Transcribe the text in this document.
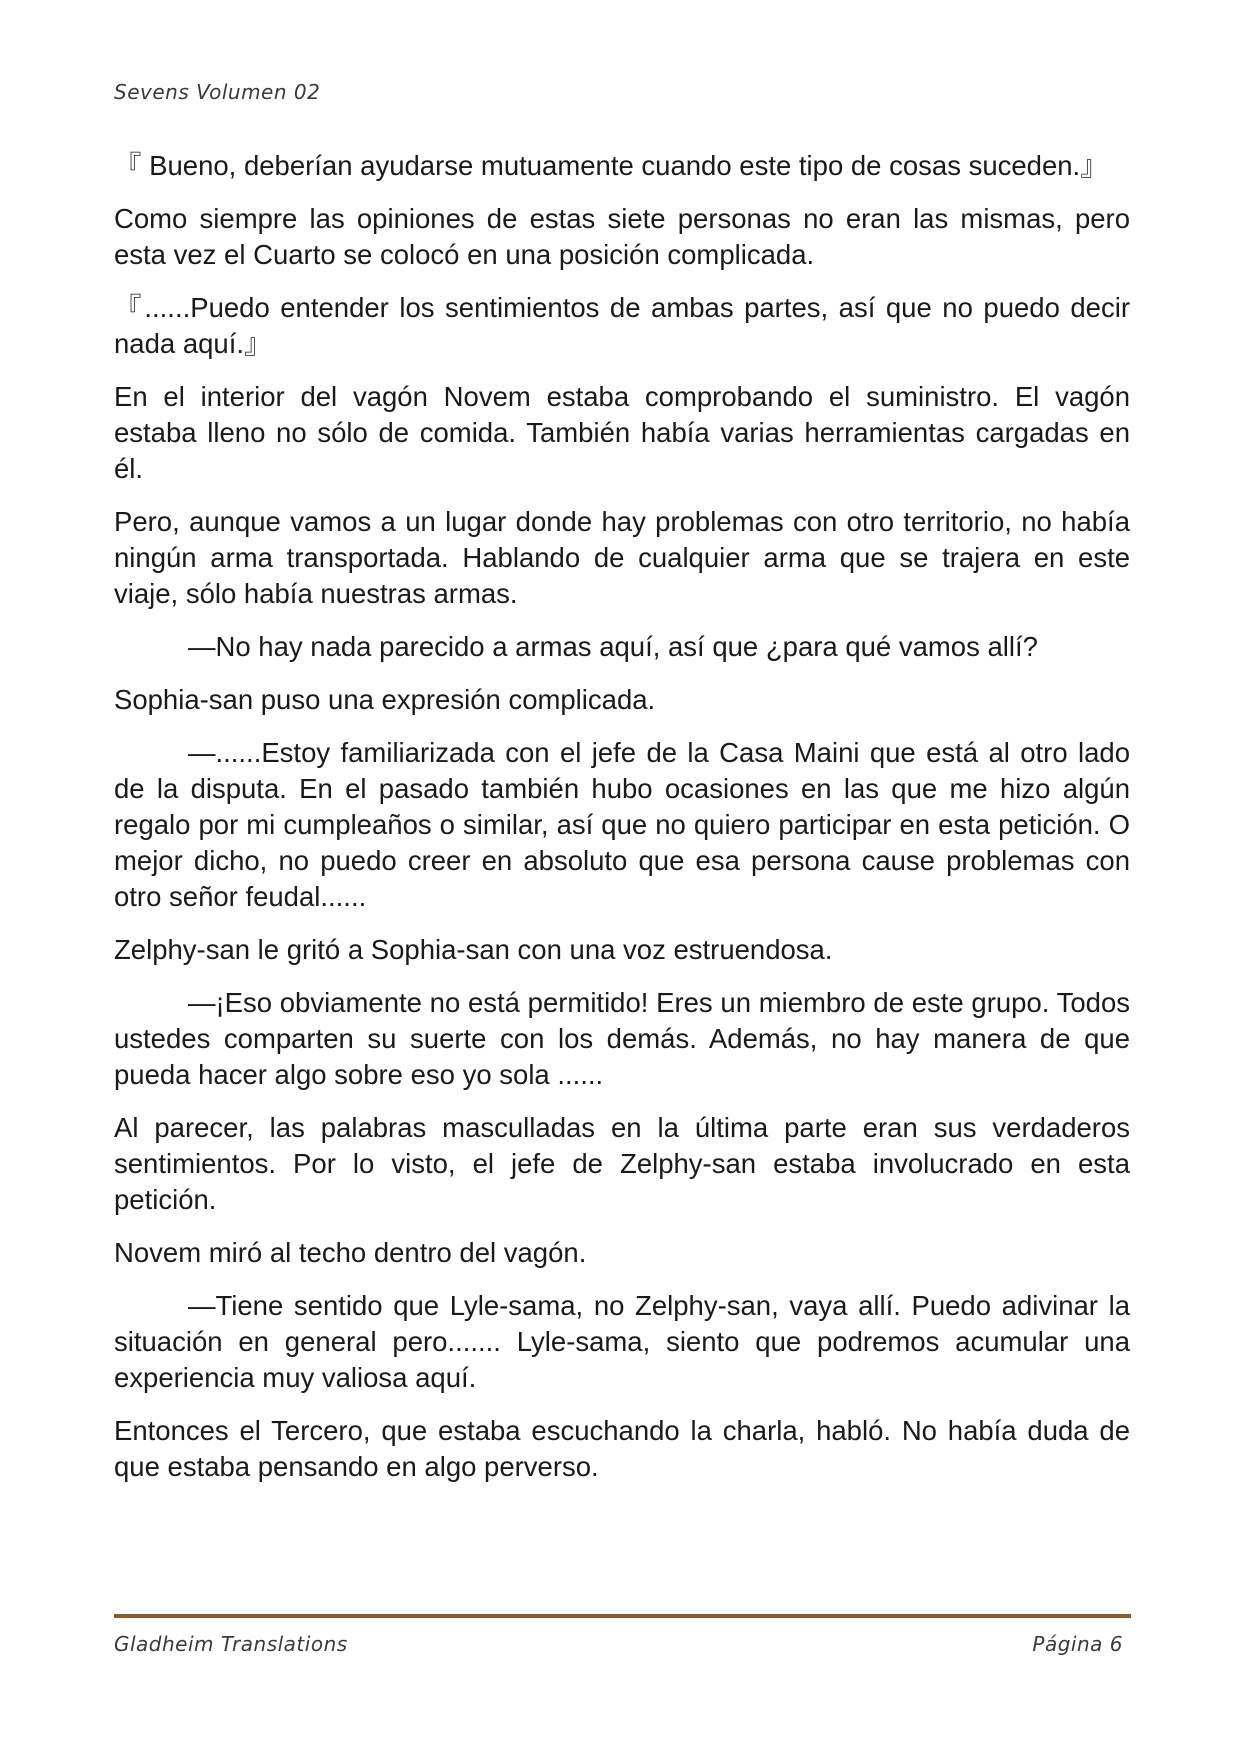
Sevens Volumen 02

『 Bueno, deberían ayudarse mutuamente cuando este tipo de cosas suceden.』

Como siempre las opiniones de estas siete personas no eran las mismas, pero esta vez el Cuarto se colocó en una posición complicada.

『......Puedo entender los sentimientos de ambas partes, así que no puedo decir nada aquí.』

En el interior del vagón Novem estaba comprobando el suministro. El vagón estaba lleno no sólo de comida. También había varias herramientas cargadas en él.

Pero, aunque vamos a un lugar donde hay problemas con otro territorio, no había ningún arma transportada. Hablando de cualquier arma que se trajera en este viaje, sólo había nuestras armas.

—No hay nada parecido a armas aquí, así que ¿para qué vamos allí?

Sophia-san puso una expresión complicada.

—......Estoy familiarizada con el jefe de la Casa Maini que está al otro lado de la disputa. En el pasado también hubo ocasiones en las que me hizo algún regalo por mi cumpleaños o similar, así que no quiero participar en esta petición. O mejor dicho, no puedo creer en absoluto que esa persona cause problemas con otro señor feudal......

Zelphy-san le gritó a Sophia-san con una voz estruendosa.

—¡Eso obviamente no está permitido! Eres un miembro de este grupo. Todos ustedes comparten su suerte con los demás. Además, no hay manera de que pueda hacer algo sobre eso yo sola ......

Al parecer, las palabras masculladas en la última parte eran sus verdaderos sentimientos. Por lo visto, el jefe de Zelphy-san estaba involucrado en esta petición.

Novem miró al techo dentro del vagón.

—Tiene sentido que Lyle-sama, no Zelphy-san, vaya allí. Puedo adivinar la situación en general pero....... Lyle-sama, siento que podremos acumular una experiencia muy valiosa aquí.

Entonces el Tercero, que estaba escuchando la charla, habló. No había duda de que estaba pensando en algo perverso.

Gladheim Translations	Página 6
